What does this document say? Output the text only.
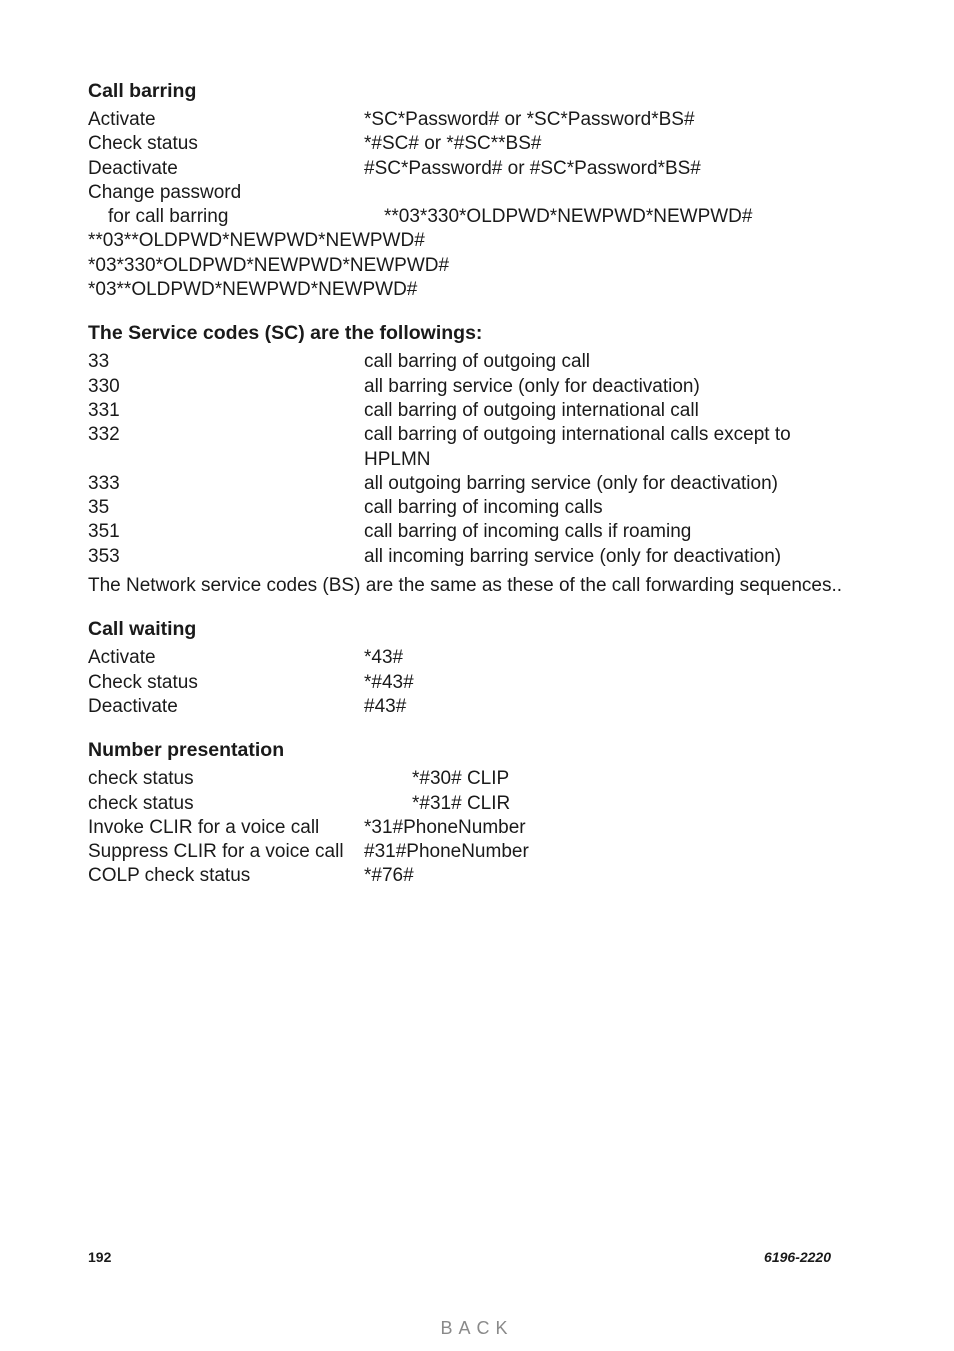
Call barring
Activate	*SC*Password# or *SC*Password*BS#
Check status	*#SC# or *#SC**BS#
Deactivate	#SC*Password# or #SC*Password*BS#
Change password
for call barring	**03*330*OLDPWD*NEWPWD*NEWPWD#
**03**OLDPWD*NEWPWD*NEWPWD#
*03*330*OLDPWD*NEWPWD*NEWPWD#
*03**OLDPWD*NEWPWD*NEWPWD#
The Service codes (SC) are the followings:
33	call barring of outgoing call
330	all barring service (only for deactivation)
331	call barring of outgoing international call
332	call barring of outgoing international calls except to HPLMN
333	all outgoing barring service (only for deactivation)
35	call barring of incoming calls
351	call barring of incoming calls if roaming
353	all incoming barring service (only for deactivation)
The Network service codes (BS) are the same as these of the call forwarding sequences..
Call waiting
Activate	*43#
Check status	*#43#
Deactivate	#43#
Number presentation
check status	*#30# CLIP
check status	*#31# CLIR
Invoke CLIR for a voice call	*31#PhoneNumber
Suppress CLIR for a voice call	#31#PhoneNumber
COLP check status	*#76#
192	6196-2220
BACK
